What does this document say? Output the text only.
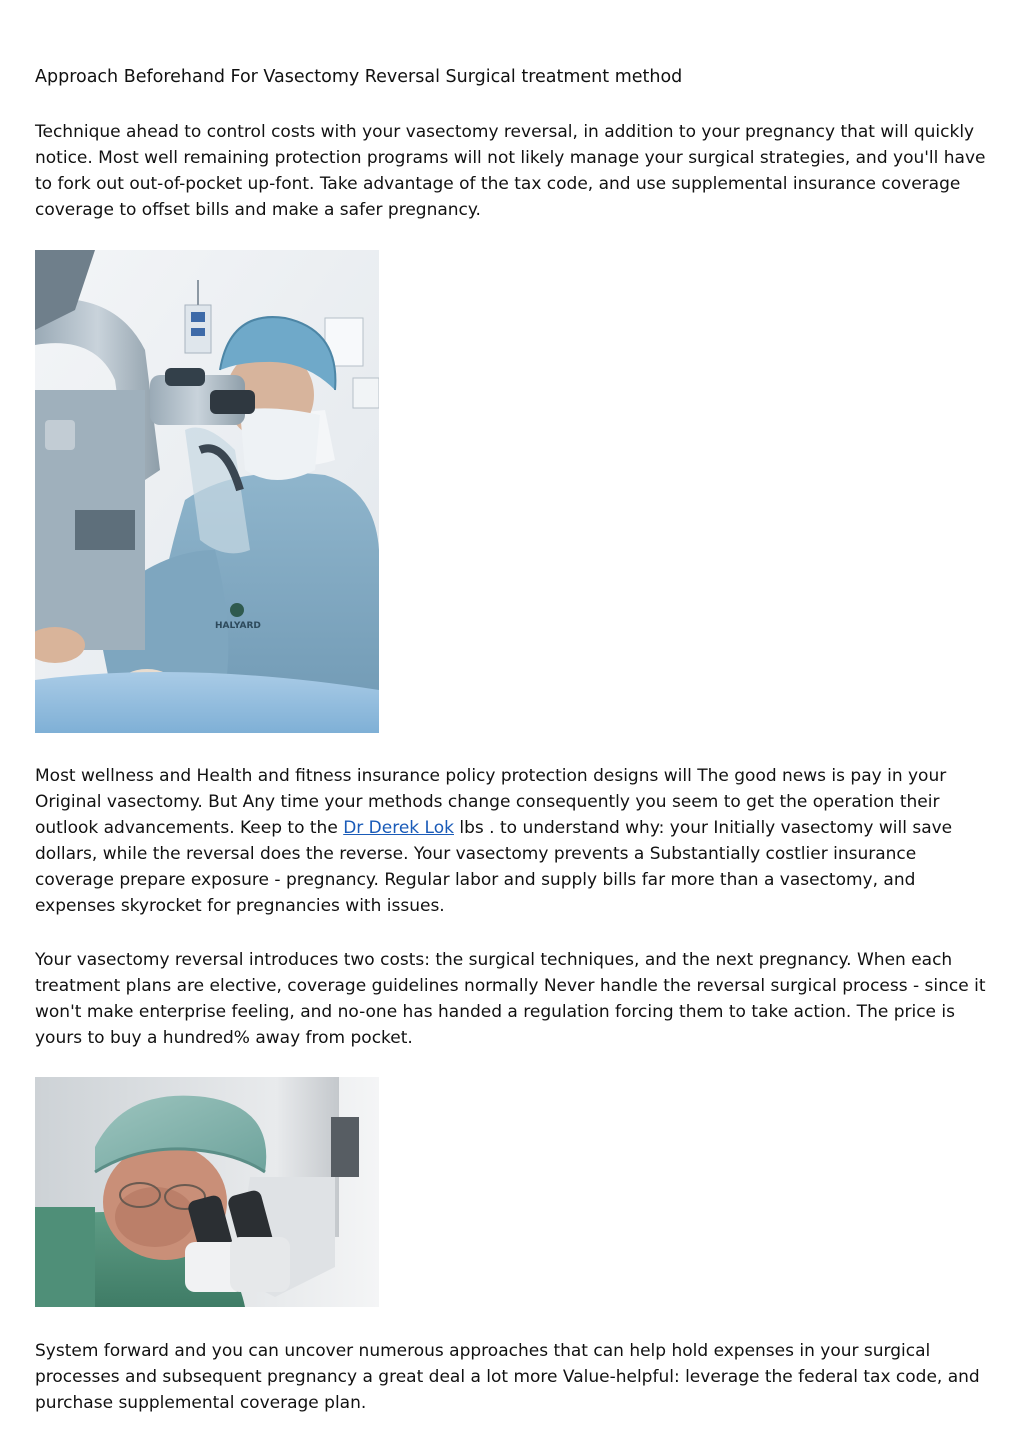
Approach Beforehand For Vasectomy Reversal Surgical treatment method

Technique ahead to control costs with your vasectomy reversal, in addition to your pregnancy that will quickly notice. Most well remaining protection programs will not likely manage your surgical strategies, and you'll have to fork out out-of-pocket up-font. Take advantage of the tax code, and use supplemental insurance coverage coverage to offset bills and make a safer pregnancy.

HALYARD

Most wellness and Health and fitness insurance policy protection designs will The good news is pay in your Original vasectomy. But Any time your methods change consequently you seem to get the operation their outlook advancements. Keep to the Dr Derek Lok lbs . to understand why: your Initially vasectomy will save dollars, while the reversal does the reverse. Your vasectomy prevents a Substantially costlier insurance coverage prepare exposure - pregnancy. Regular labor and supply bills far more than a vasectomy, and expenses skyrocket for pregnancies with issues.

Your vasectomy reversal introduces two costs: the surgical techniques, and the next pregnancy. When each treatment plans are elective, coverage guidelines normally Never handle the reversal surgical process - since it won't make enterprise feeling, and no-one has handed a regulation forcing them to take action. The price is yours to buy a hundred% away from pocket.

System forward and you can uncover numerous approaches that can help hold expenses in your surgical processes and subsequent pregnancy a great deal a lot more Value-helpful: leverage the federal tax code, and purchase supplemental coverage plan.
